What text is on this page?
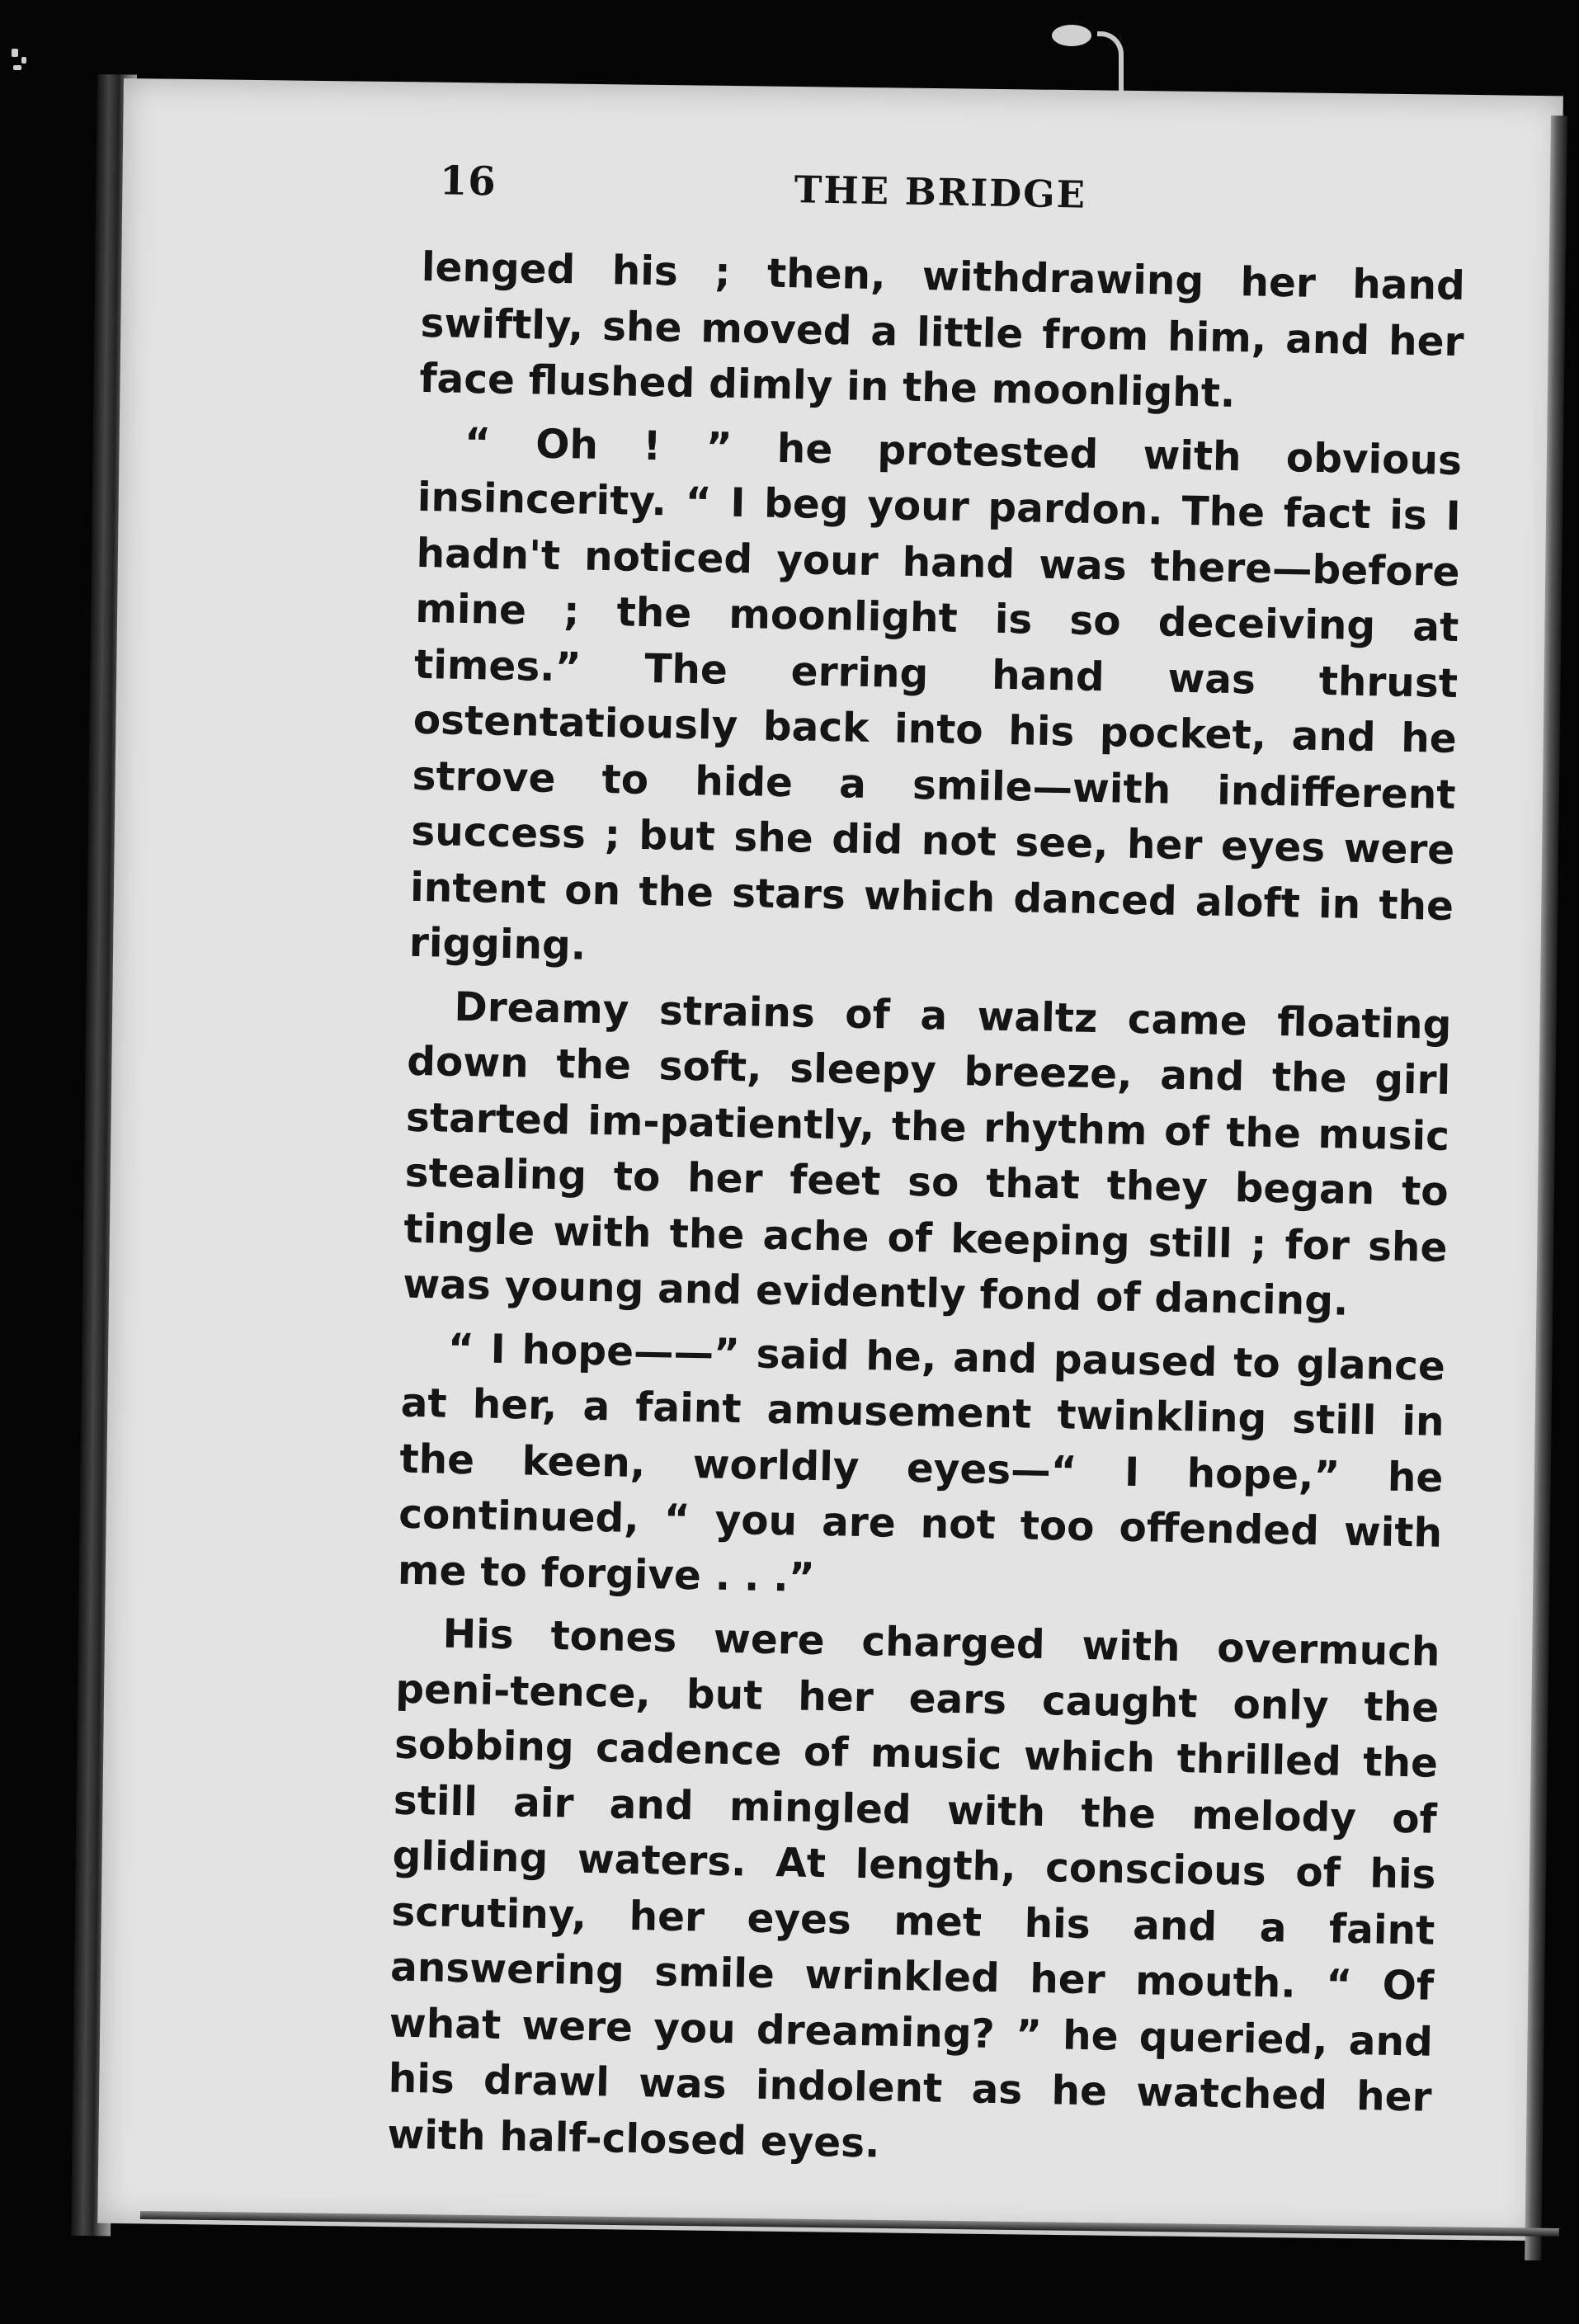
16	THE BRIDGE

lenged his ; then, withdrawing her hand swiftly, she moved a little from him, and her face flushed dimly in the moonlight.

“ Oh ! ” he protested with obvious insincerity. “ I beg your pardon. The fact is I hadn't noticed your hand was there—before mine ; the moonlight is so deceiving at times.” The erring hand was thrust ostentatiously back into his pocket, and he strove to hide a smile—with indifferent success ; but she did not see, her eyes were intent on the stars which danced aloft in the rigging.

Dreamy strains of a waltz came floating down the soft, sleepy breeze, and the girl started im-patiently, the rhythm of the music stealing to her feet so that they began to tingle with the ache of keeping still ; for she was young and evidently fond of dancing.

“ I hope——” said he, and paused to glance at her, a faint amusement twinkling still in the keen, worldly eyes—“ I hope,” he continued, “ you are not too offended with me to forgive . . .”

His tones were charged with overmuch peni-tence, but her ears caught only the sobbing cadence of music which thrilled the still air and mingled with the melody of gliding waters. At length, conscious of his scrutiny, her eyes met his and a faint answering smile wrinkled her mouth. “ Of what were you dreaming? ” he queried, and his drawl was indolent as he watched her with half-closed eyes.
